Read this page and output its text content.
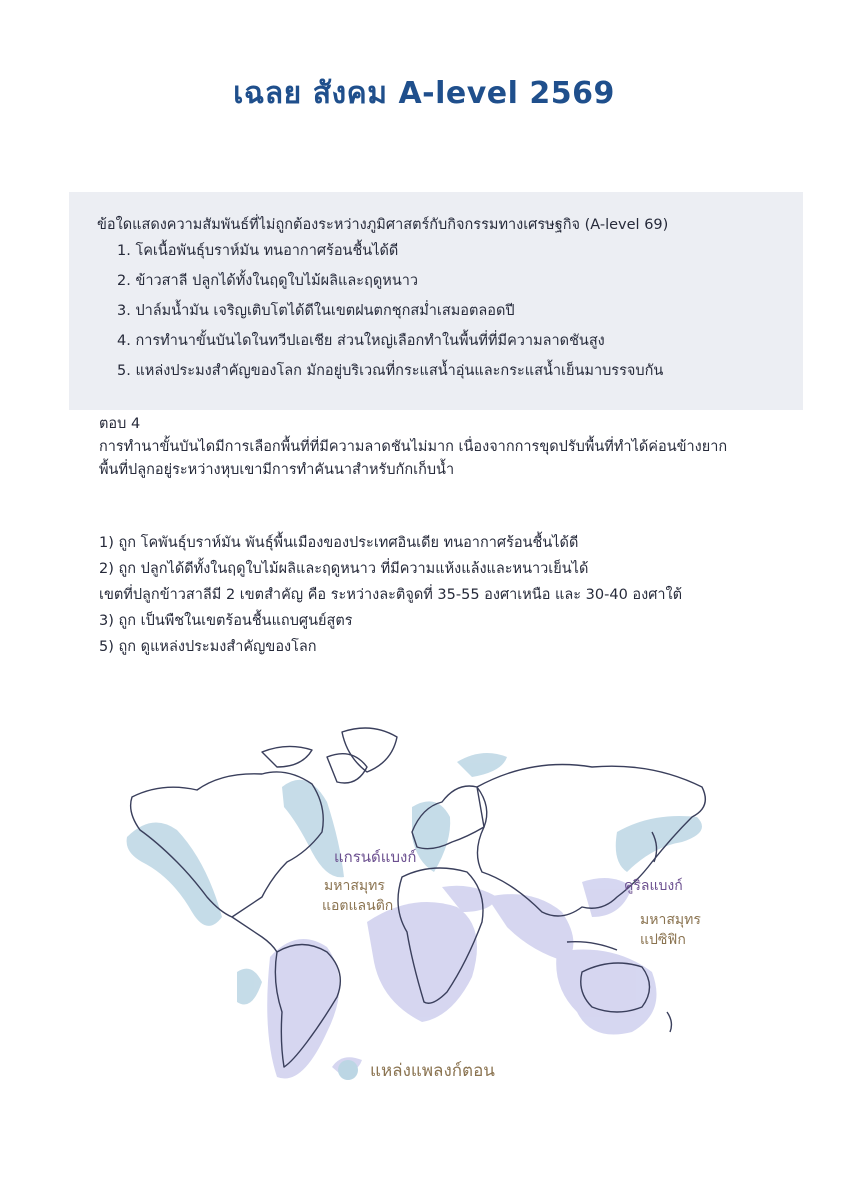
เฉลย สังคม A-level 2569
ข้อใดแสดงความสัมพันธ์ที่ไม่ถูกต้องระหว่างภูมิศาสตร์กับกิจกรรมทางเศรษฐกิจ (A-level 69)
1. โคเนื้อพันธุ์บราห์มัน ทนอากาศร้อนชื้นได้ดี
2. ข้าวสาลี ปลูกได้ทั้งในฤดูใบไม้ผลิและฤดูหนาว
3. ปาล์มน้ำมัน เจริญเติบโตได้ดีในเขตฝนตกชุกสม่ำเสมอตลอดปี
4. การทำนาขั้นบันไดในทวีปเอเชีย ส่วนใหญ่เลือกทำในพื้นที่ที่มีความลาดชันสูง
5. แหล่งประมงสำคัญของโลก มักอยู่บริเวณที่กระแสน้ำอุ่นและกระแสน้ำเย็นมาบรรจบกัน

ตอบ 4

การทำนาขั้นบันไดมีการเลือกพื้นที่ที่มีความลาดชันไม่มาก เนื่องจากการขุดปรับพื้นที่ทำได้ค่อนข้างยาก

พื้นที่ปลูกอยู่ระหว่างหุบเขามีการทำคันนาสำหรับกักเก็บน้ำ

1) ถูก โคพันธุ์บราห์มัน พันธุ์พื้นเมืองของประเทศอินเดีย ทนอากาศร้อนชื้นได้ดี

2) ถูก ปลูกได้ดีทั้งในฤดูใบไม้ผลิและฤดูหนาว ที่มีความแห้งแล้งและหนาวเย็นได้

เขตที่ปลูกข้าวสาลีมี 2 เขตสำคัญ คือ ระหว่างละติจูดที่ 35-55 องศาเหนือ และ 30-40 องศาใต้

3) ถูก เป็นพืชในเขตร้อนชื้นแถบศูนย์สูตร

5) ถูก ดูแหล่งประมงสำคัญของโลก

แกรนด์แบงก์
มหาสมุทร
แอตแลนติก
คูริลแบงก์
มหาสมุทร
แปซิฟิก
แหล่งแพลงก์ตอน
